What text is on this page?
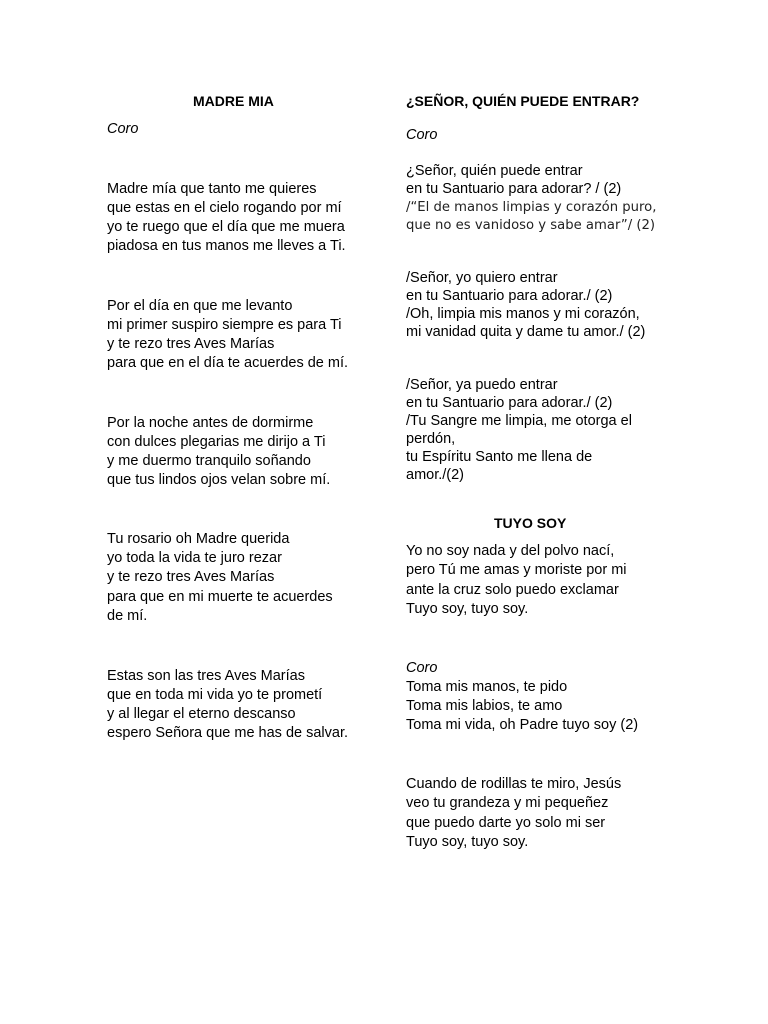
MADRE MIA
Coro
Madre mía que tanto me quieres
que estas en el cielo rogando por mí
yo te ruego que el día que me muera
piadosa en tus manos me lleves a Ti.
Por el día en que me levanto
mi primer suspiro siempre es para Ti
y te rezo tres Aves Marías
para que en el día te acuerdes de mí.
Por la noche antes de dormirme
con dulces plegarias me dirijo a Ti
y me duermo tranquilo soñando
que tus lindos ojos velan sobre mí.
Tu rosario oh Madre querida
yo toda la vida te juro rezar
y te rezo tres Aves Marías
para que en mi muerte te acuerdes
de mí.
Estas son las tres Aves Marías
que en toda mi vida yo te prometí
y al llegar el eterno descanso
espero Señora que me has de salvar.
¿SEÑOR, QUIÉN PUEDE ENTRAR?
Coro
¿Señor, quién puede entrar
en tu Santuario para adorar? / (2)
/“El de manos limpias y corazón puro,
que no es vanidoso y sabe amar”/ (2)
/Señor, yo quiero entrar
en tu Santuario para adorar./ (2)
/Oh, limpia mis manos y mi corazón,
mi vanidad quita y dame tu amor./ (2)
/Señor, ya puedo entrar
en tu Santuario para adorar./ (2)
/Tu Sangre me limpia, me otorga el
perdón,
tu Espíritu Santo me llena de
amor./(2)
TUYO SOY
Yo no soy nada y del polvo nací,
pero Tú me amas y moriste por mi
ante la cruz solo puedo exclamar
Tuyo soy, tuyo soy.
Coro
Toma mis manos, te pido
Toma mis labios, te amo
Toma mi vida, oh Padre tuyo soy (2)
Cuando de rodillas te miro, Jesús
veo tu grandeza y mi pequeñez
que puedo darte yo solo mi ser
Tuyo soy, tuyo soy.
